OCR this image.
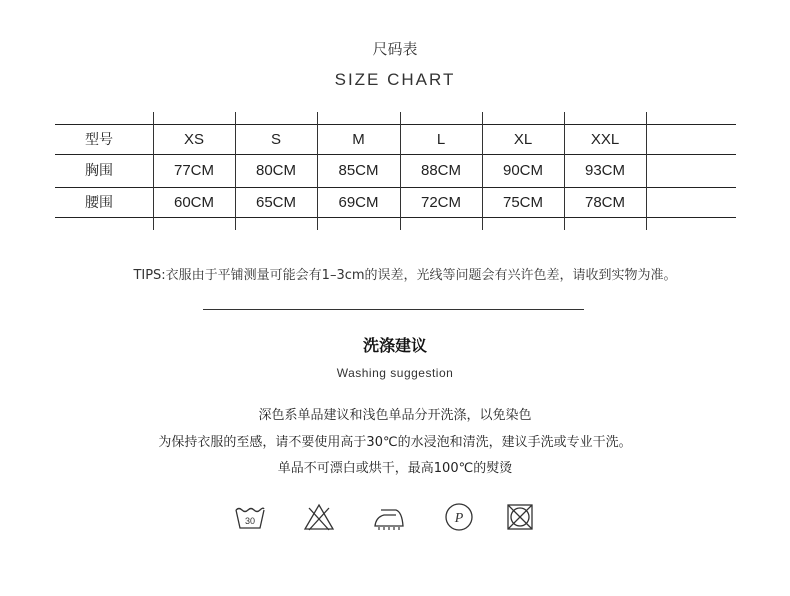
尺码表
SIZE CHART
型号	XS	S	M	L	XL	XXL
胸围	77CM	80CM	85CM	88CM	90CM	93CM
腰围	60CM	65CM	69CM	72CM	75CM	78CM
TIPS:衣服由于平铺测量可能会有1–3cm的误差，光线等问题会有兴许色差，请收到实物为准。
洗涤建议
Washing suggestion
深色系单品建议和浅色单品分开洗涤，以免染色
为保持衣服的至感，请不要使用高于30℃的水浸泡和清洗，建议手洗或专业干洗。
单品不可漂白或烘干，最高100℃的熨烫
30	P
